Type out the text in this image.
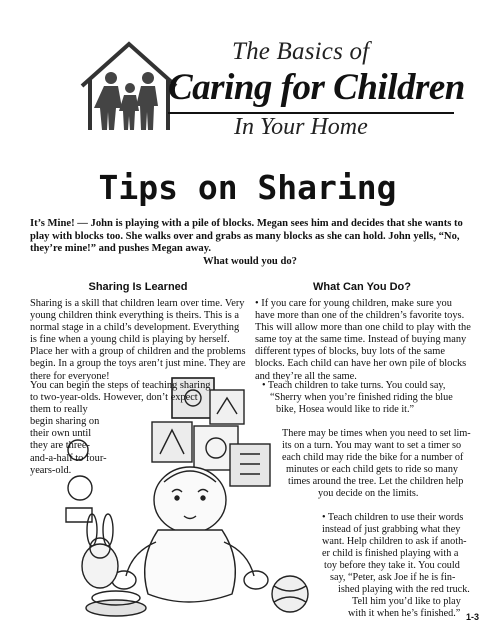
The Basics of
Caring for Children
In Your Home
Tips on Sharing
It’s Mine! — John is playing with a pile of blocks. Megan sees him and decides that she wants to play with blocks too. She walks over and grabs as many blocks as she can hold. John yells, “No, they’re mine!” and pushes Megan away.
What would you do?
Sharing Is Learned	What Can You Do?
Sharing is a skill that children learn over time. Very young children think everything is theirs. This is a normal stage in a child’s development. Everything is fine when a young child is playing by herself. Place her with a group of children and the problems begin. In a group the toys aren’t just mine. They are there for everyone!
• If you care for young children, make sure you have more than one of the children’s favorite toys. This will allow more than one child to play with the same toy at the same time. Instead of buying many different types of blocks, buy lots of the same blocks. Each child can have her own pile of blocks and they’re all the same.
You can begin the steps of teaching sharing
to two-year-olds. However, don’t expect
them to really
begin sharing on
their own until
they are three-
and-a-half to four-
years-old.
• Teach children to take turns. You could say,
“Sherry when you’re finished riding the blue
bike, Hosea would like to ride it.”
There may be times when you need to set lim-
its on a turn. You may want to set a timer so
each child may ride the bike for a number of
minutes or each child gets to ride so many
times around the tree. Let the children help
you decide on the limits.
• Teach children to use their words
instead of just grabbing what they
want. Help children to ask if anoth-
er child is finished playing with a
toy before they take it. You could
say, “Peter, ask Joe if he is fin-
ished playing with the red truck.
Tell him you’d like to play
with it when he’s finished.” 1-3
